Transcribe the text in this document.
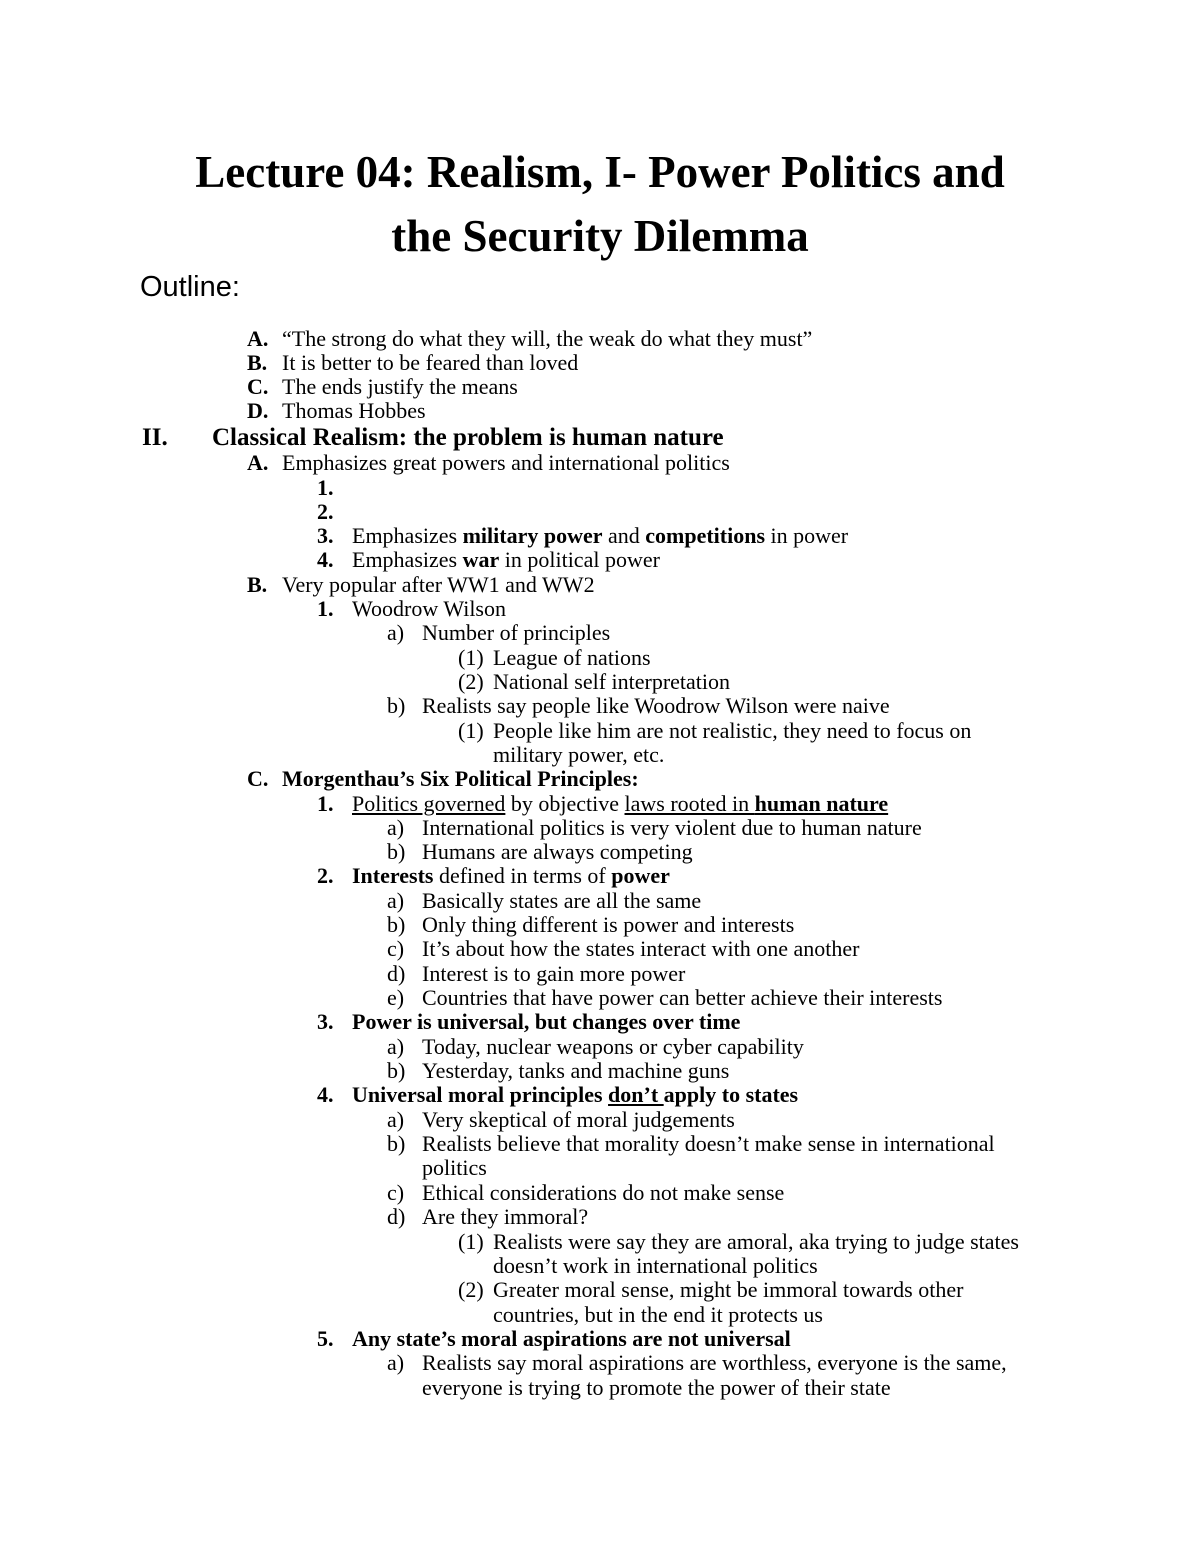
Lecture 04: Realism, I- Power Politics and
the Security Dilemma
Outline:
A. “The strong do what they will, the weak do what they must”
B. It is better to be feared than loved
C. The ends justify the means
D. Thomas Hobbes
II. Classical Realism: the problem is human nature
A. Emphasizes great powers and international politics
1.
2.
3. Emphasizes military power and competitions in power
4. Emphasizes war in political power
B. Very popular after WW1 and WW2
1. Woodrow Wilson
a) Number of principles
(1) League of nations
(2) National self interpretation
b) Realists say people like Woodrow Wilson were naive
(1) People like him are not realistic, they need to focus on
military power, etc.
C. Morgenthau’s Six Political Principles:
1. Politics governed by objective laws rooted in human nature
a) International politics is very violent due to human nature
b) Humans are always competing
2. Interests defined in terms of power
a) Basically states are all the same
b) Only thing different is power and interests
c) It’s about how the states interact with one another
d) Interest is to gain more power
e) Countries that have power can better achieve their interests
3. Power is universal, but changes over time
a) Today, nuclear weapons or cyber capability
b) Yesterday, tanks and machine guns
4. Universal moral principles don’t apply to states
a) Very skeptical of moral judgements
b) Realists believe that morality doesn’t make sense in international
politics
c) Ethical considerations do not make sense
d) Are they immoral?
(1) Realists were say they are amoral, aka trying to judge states
doesn’t work in international politics
(2) Greater moral sense, might be immoral towards other
countries, but in the end it protects us
5. Any state’s moral aspirations are not universal
a) Realists say moral aspirations are worthless, everyone is the same,
everyone is trying to promote the power of their state
